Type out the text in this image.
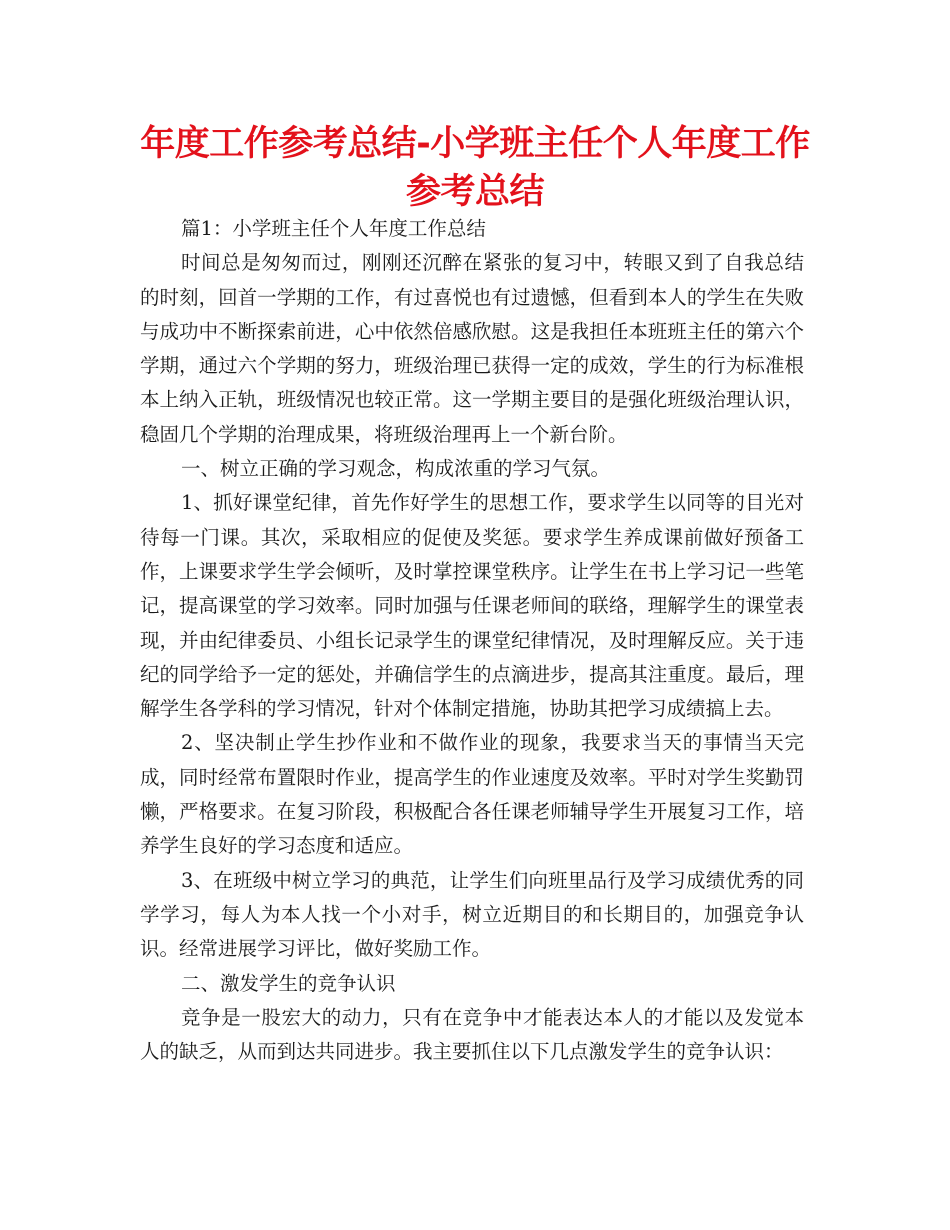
年度工作参考总结-小学班主任个人年度工作参考总结

篇1：小学班主任个人年度工作总结

时间总是匆匆而过，刚刚还沉醉在紧张的复习中，转眼又到了自我总结的时刻，回首一学期的工作，有过喜悦也有过遗憾，但看到本人的学生在失败与成功中不断探索前进，心中依然倍感欣慰。这是我担任本班班主任的第六个学期，通过六个学期的努力，班级治理已获得一定的成效，学生的行为标准根本上纳入正轨，班级情况也较正常。这一学期主要目的是强化班级治理认识，稳固几个学期的治理成果，将班级治理再上一个新台阶。

一、树立正确的学习观念，构成浓重的学习气氛。

1、抓好课堂纪律，首先作好学生的思想工作，要求学生以同等的目光对待每一门课。其次，采取相应的促使及奖惩。要求学生养成课前做好预备工作，上课要求学生学会倾听，及时掌控课堂秩序。让学生在书上学习记一些笔记，提高课堂的学习效率。同时加强与任课老师间的联络，理解学生的课堂表现，并由纪律委员、小组长记录学生的课堂纪律情况，及时理解反应。关于违纪的同学给予一定的惩处，并确信学生的点滴进步，提高其注重度。最后，理解学生各学科的学习情况，针对个体制定措施，协助其把学习成绩搞上去。

2、坚决制止学生抄作业和不做作业的现象，我要求当天的事情当天完成，同时经常布置限时作业，提高学生的作业速度及效率。平时对学生奖勤罚懒，严格要求。在复习阶段，积极配合各任课老师辅导学生开展复习工作，培养学生良好的学习态度和适应。

3、在班级中树立学习的典范，让学生们向班里品行及学习成绩优秀的同学学习，每人为本人找一个小对手，树立近期目的和长期目的，加强竞争认识。经常进展学习评比，做好奖励工作。

二、激发学生的竞争认识

竞争是一股宏大的动力，只有在竞争中才能表达本人的才能以及发觉本人的缺乏，从而到达共同进步。我主要抓住以下几点激发学生的竞争认识：
